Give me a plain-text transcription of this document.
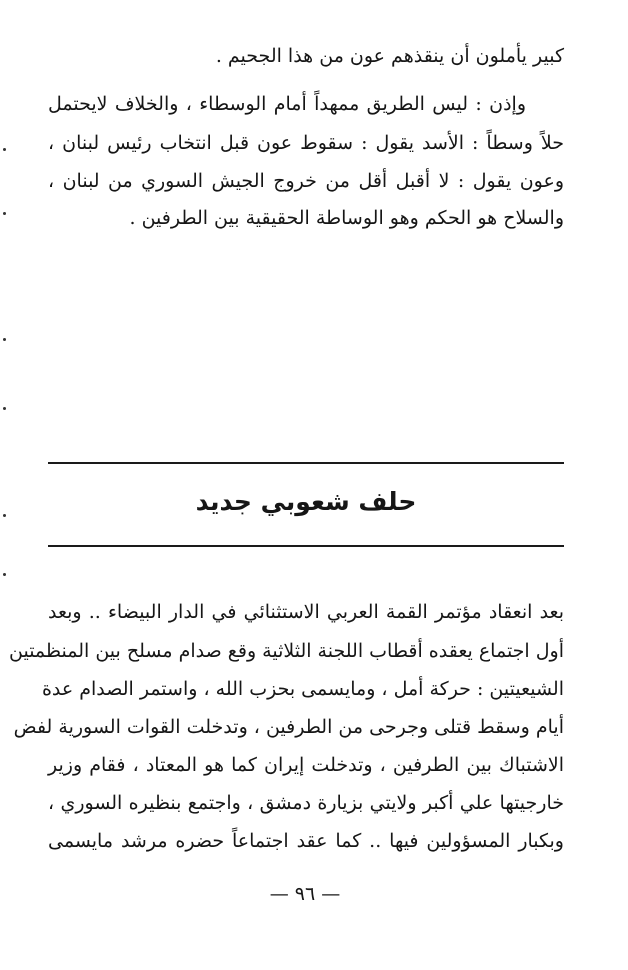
كبير يأملون أن ينقذهم عون من هذا الجحيم .
وإذن : ليس الطريق ممهداً أمام الوسطاء ، والخلاف لايحتمل
حلاً وسطاً : الأسد يقول : سقوط عون قبل انتخاب رئيس لبنان ،
وعون يقول : لا أقبل أقل من خروج الجيش السوري من لبنان ،
والسلاح هو الحكم وهو الوساطة الحقيقية بين الطرفين .
حلف شعوبي جديد
بعد انعقاد مؤتمر القمة العربي الاستثنائي في الدار البيضاء .. وبعد
أول اجتماع يعقده أقطاب اللجنة الثلاثية وقع صدام مسلح بين المنظمتين
الشيعيتين : حركة أمل ، ومايسمى بحزب الله ، واستمر الصدام عدة
أيام وسقط قتلى وجرحى من الطرفين ، وتدخلت القوات السورية لفض
الاشتباك بين الطرفين ، وتدخلت إيران كما هو المعتاد ، فقام وزير
خارجيتها علي أكبر ولايتي بزيارة دمشق ، واجتمع بنظيره السوري ،
وبكبار المسؤولين فيها .. كما عقد اجتماعاً حضره مرشد مايسمى
— ٩٦ —
